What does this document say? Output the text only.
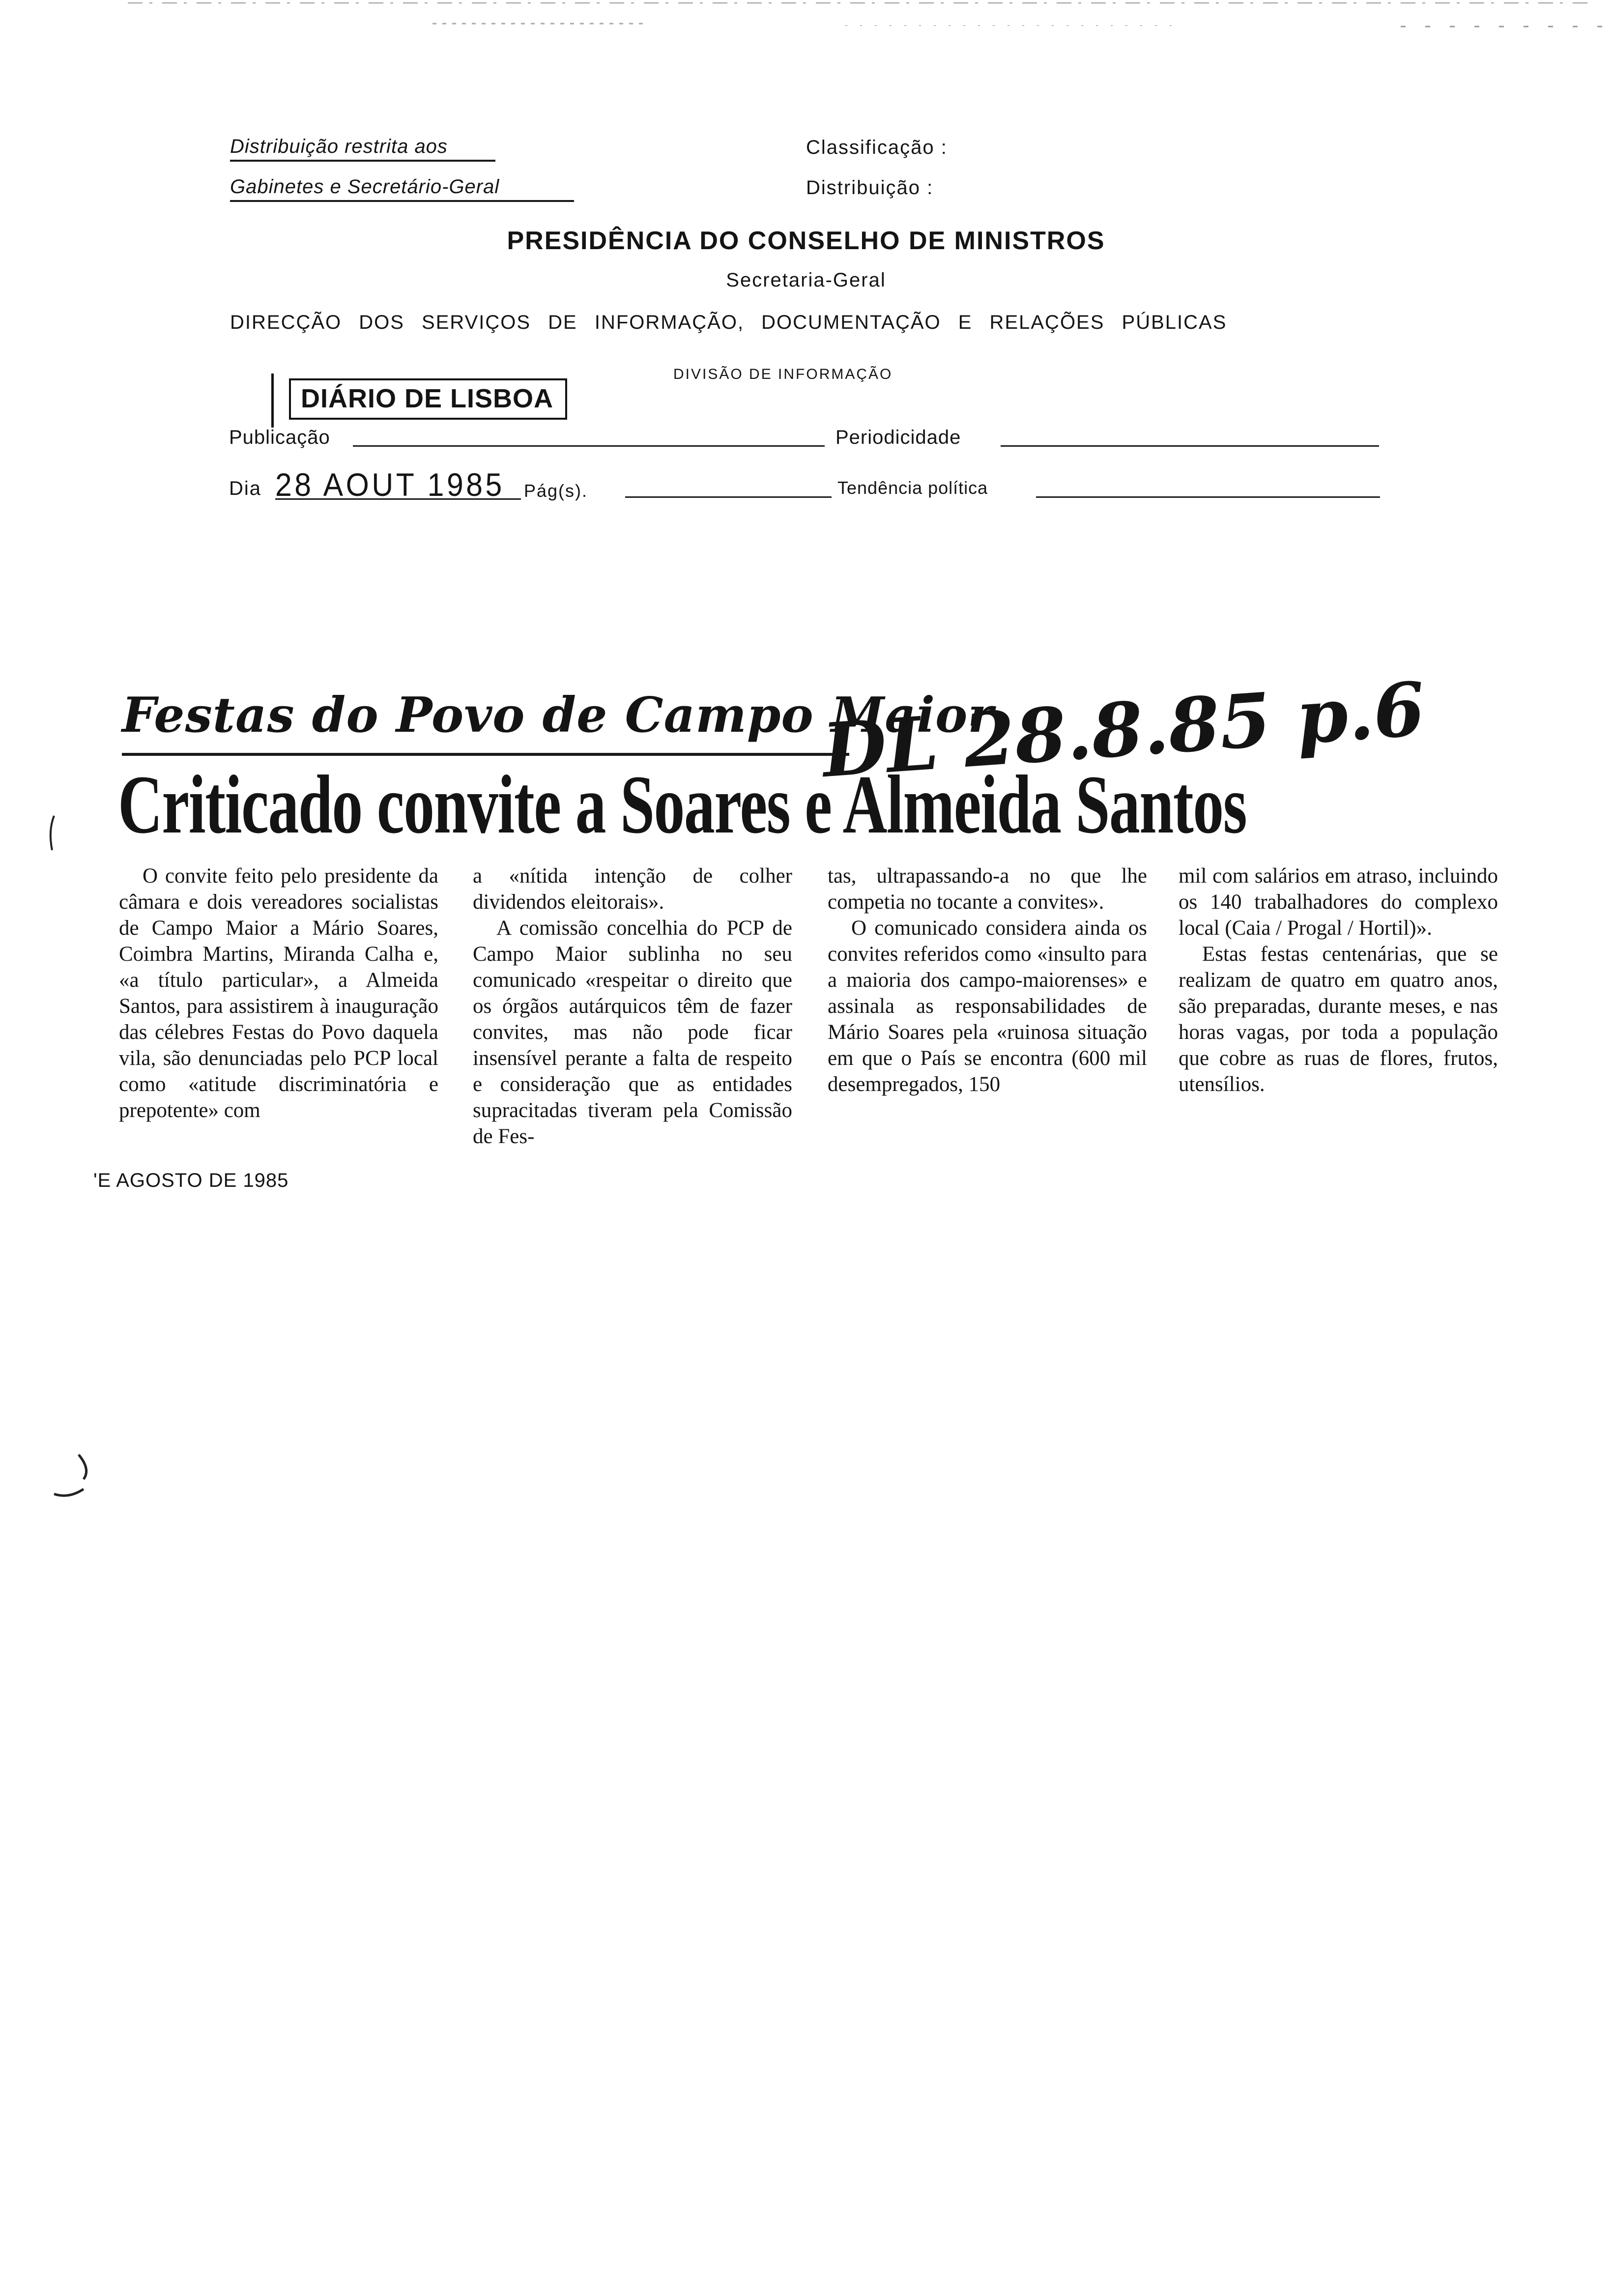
Distribuição restrita aos
Gabinetes e Secretário-Geral
Classificação :
Distribuição :
PRESIDÊNCIA DO CONSELHO DE MINISTROS
Secretaria-Geral
DIRECÇÃO DOS SERVIÇOS DE INFORMAÇÃO, DOCUMENTAÇÃO E RELAÇÕES PÚBLICAS
DIVISÃO DE INFORMAÇÃO
DIÁRIO DE LISBOA
Publicação	Periodicidade
Dia 28 AOUT 1985 Pág(s).	Tendência política
Festas do Povo de Campo Maior
Criticado convite a Soares e Almeida Santos
DL 28.8.85 p.6

O convite feito pelo presidente da câmara e dois vereadores socialistas de Campo Maior a Mário Soares, Coimbra Martins, Miranda Calha e, «a título particular», a Almeida Santos, para assistirem à inauguração das célebres Festas do Povo daquela vila, são denunciadas pelo PCP local como «atitude discriminatória e prepotente» com

a «nítida intenção de colher dividendos eleitorais».

A comissão concelhia do PCP de Campo Maior sublinha no seu comunicado «respeitar o direito que os órgãos autárquicos têm de fazer convites, mas não pode ficar insensível perante a falta de respeito e consideração que as entidades supracitadas tiveram pela Comissão de Fes-

tas, ultrapassando-a no que lhe competia no tocante a convites».

O comunicado considera ainda os convites referidos como «insulto para a maioria dos campo-maiorenses» e assinala as responsabilidades de Mário Soares pela «ruinosa situação em que o País se encontra (600 mil desempregados, 150

mil com salários em atraso, incluindo os 140 trabalhadores do complexo local (Caia / Progal / Hortil)».

Estas festas centenárias, que se realizam de quatro em quatro anos, são preparadas, durante meses, e nas horas vagas, por toda a população que cobre as ruas de flores, frutos, utensílios.

'E AGOSTO DE 1985
